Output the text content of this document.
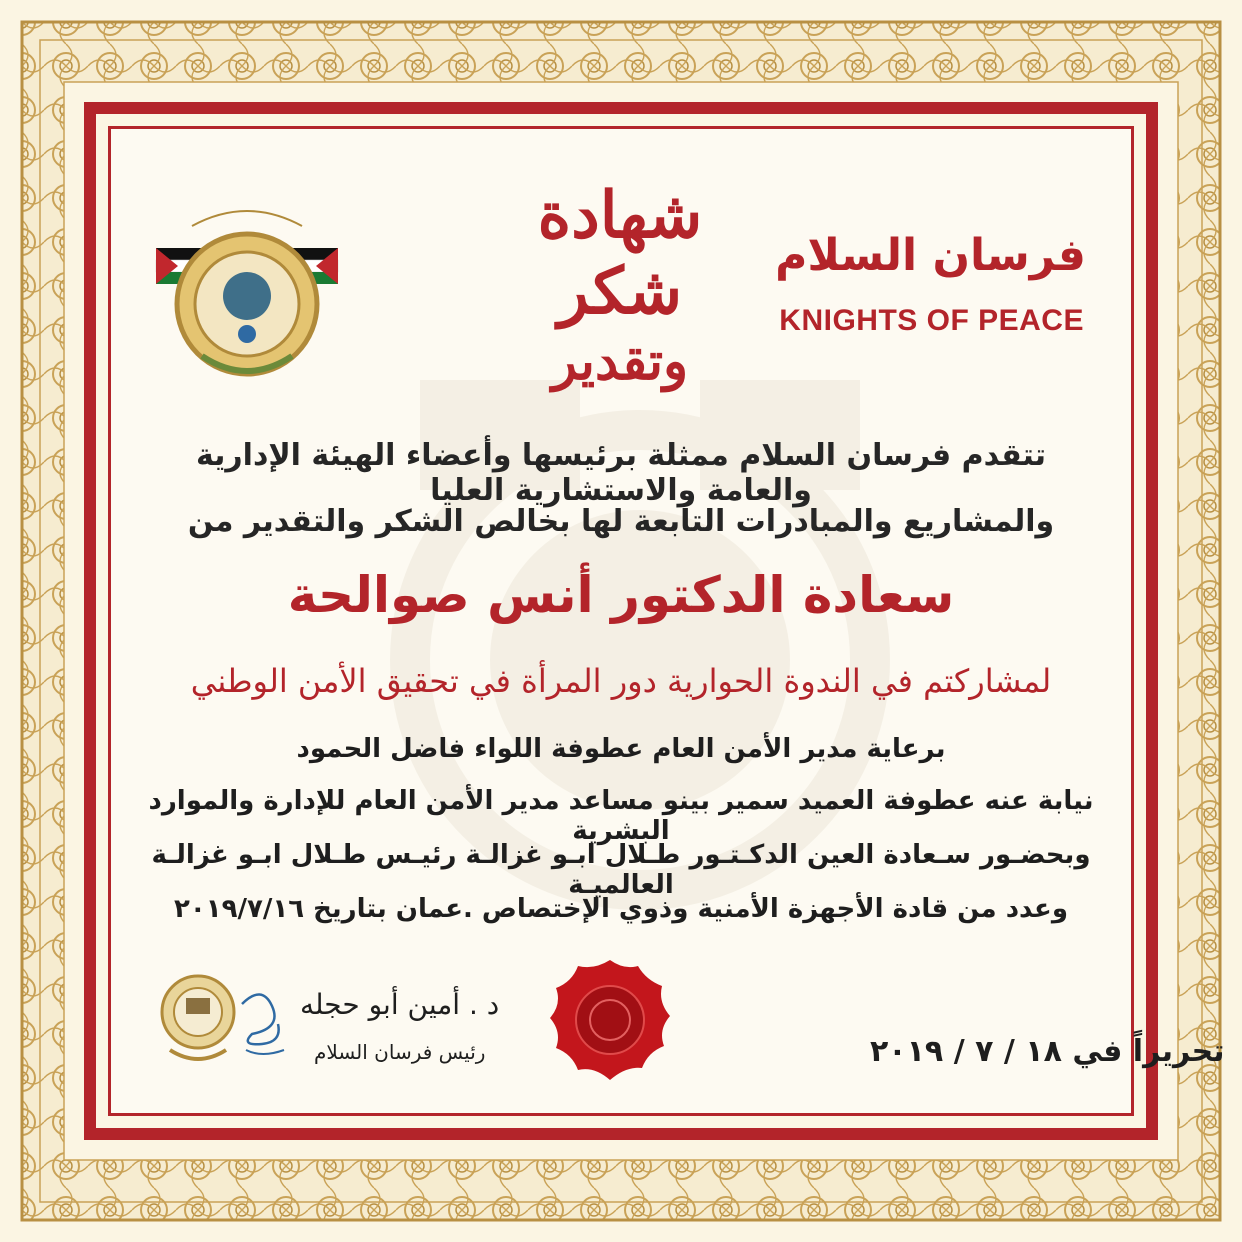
فرسان السلام
KNIGHTS OF PEACE
شهادة شكر
وتقدير
تتقدم فرسان السلام ممثلة برئيسها وأعضاء الهيئة الإدارية والعامة والاستشارية العليا
والمشاريع والمبادرات التابعة لها بخالص الشكر والتقدير من
سعادة الدكتور أنس صوالحة
لمشاركتم في الندوة الحوارية دور المرأة في تحقيق الأمن الوطني
برعاية مدير الأمن العام عطوفة اللواء فاضل الحمود
نيابة عنه عطوفة العميد سمير بينو مساعد مدير الأمن العام للإدارة والموارد البشرية
وبحضـور سـعادة العين الدكـتـور طـلال ابـو غزالـة رئيـس طـلال ابـو غزالـة العالميـة
وعدد من قادة الأجهزة الأمنية وذوي الإختصاص .عمان بتاريخ ٢٠١٩/٧/١٦
د . أمين أبو حجله
رئيس فرسان السلام	تحريراً في ١٨ / ٧ / ٢٠١٩
